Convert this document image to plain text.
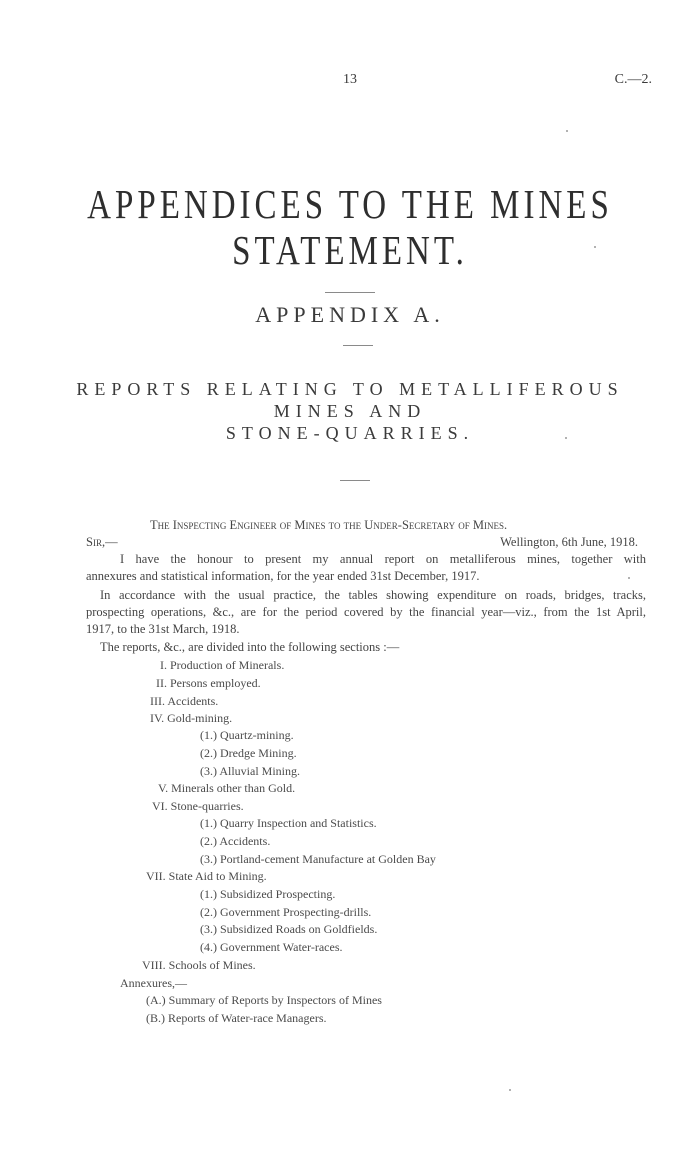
13	C.—2.
APPENDICES TO THE MINES STATEMENT.
APPENDIX A.
REPORTS RELATING TO METALLIFEROUS MINES AND
STONE-QUARRIES.
The Inspecting Engineer of Mines to the Under-Secretary of Mines.
Sir,—	Wellington, 6th June, 1918.
I have the honour to present my annual report on metalliferous mines, together with
annexures and statistical information, for the year ended 31st December, 1917.
In accordance with the usual practice, the tables showing expenditure on roads, bridges, tracks,
prospecting operations, &c., are for the period covered by the financial year—viz., from the 1st April,
1917, to the 31st March, 1918.
The reports, &c., are divided into the following sections :—
I. Production of Minerals.
II. Persons employed.
III. Accidents.
IV. Gold-mining.
(1.) Quartz-mining.
(2.) Dredge Mining.
(3.) Alluvial Mining.
V. Minerals other than Gold.
VI. Stone-quarries.
(1.) Quarry Inspection and Statistics.
(2.) Accidents.
(3.) Portland-cement Manufacture at Golden Bay
VII. State Aid to Mining.
(1.) Subsidized Prospecting.
(2.) Government Prospecting-drills.
(3.) Subsidized Roads on Goldfields.
(4.) Government Water-races.
VIII. Schools of Mines.
Annexures,—
(A.) Summary of Reports by Inspectors of Mines
(B.) Reports of Water-race Managers.
